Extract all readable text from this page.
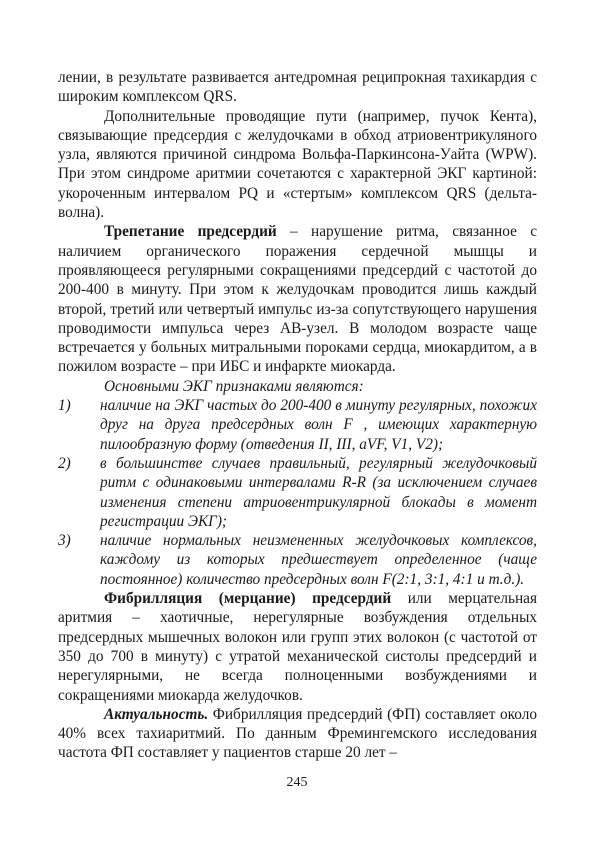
лении, в результате развивается антедромная реципрокная тахикардия с широким комплексом QRS.

Дополнительные проводящие пути (например, пучок Кента), связывающие предсердия с желудочками в обход атриовентрикуляного узла, являются причиной синдрома Вольфа-Паркинсона-Уайта (WPW). При этом синдроме аритмии сочетаются с характерной ЭКГ картиной: укороченным интервалом PQ и «стертым» комплексом QRS (дельта-волна).

Трепетание предсердий – нарушение ритма, связанное с наличием органического поражения сердечной мышцы и проявляющееся регулярными сокращениями предсердий с частотой до 200-400 в минуту. При этом к желудочкам проводится лишь каждый второй, третий или четвертый импульс из-за сопутствующего нарушения проводимости импульса через АВ-узел. В молодом возрасте чаще встречается у больных митральными пороками сердца, миокардитом, а в пожилом возрасте – при ИБС и инфаркте миокарда.

Основными ЭКГ признаками являются:

1) наличие на ЭКГ частых до 200-400 в минуту регулярных, похожих друг на друга предсердных волн F , имеющих характерную пилообразную форму (отведения II, III, aVF, V1, V2);
2) в большинстве случаев правильный, регулярный желудочковый ритм с одинаковыми интервалами R-R (за исключением случаев изменения степени атриовентрикулярной блокады в момент регистрации ЭКГ);
3) наличие нормальных неизмененных желудочковых комплексов, каждому из которых предшествует определенное (чаще постоянное) количество предсердных волн F(2:1, 3:1, 4:1 и т.д.).

Фибрилляция (мерцание) предсердий или мерцательная аритмия – хаотичные, нерегулярные возбуждения отдельных предсердных мышечных волокон или групп этих волокон (с частотой от 350 до 700 в минуту) с утратой механической систолы предсердий и нерегулярными, не всегда полноценными возбуждениями и сокращениями миокарда желудочков.

Актуальность. Фибрилляция предсердий (ФП) составляет около 40% всех тахиаритмий. По данным Фремингемского исследования частота ФП составляет у пациентов старше 20 лет –

245
